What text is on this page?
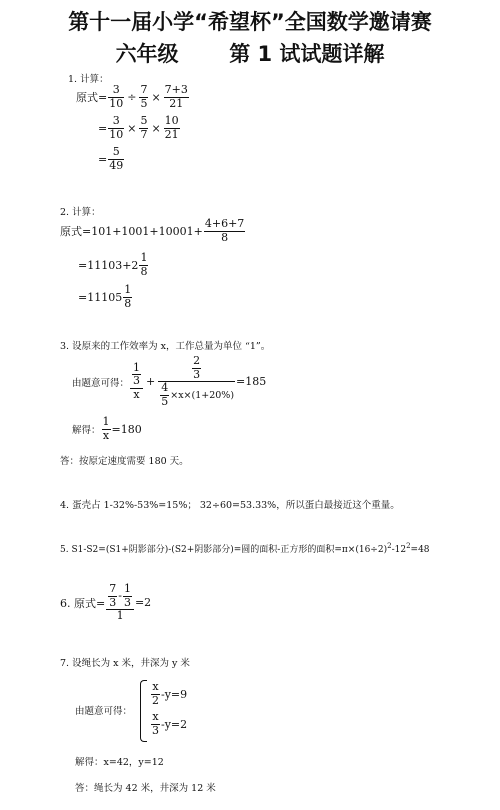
第十一届小学“希望杯”全国数学邀请赛
六年级 第 1 试试题详解
1. 计算：
原式= $\frac{3}{10} \div \frac{7}{5} \times \frac{7+3}{21}$
= $\frac{3}{10} \times \frac{5}{7} \times \frac{10}{21}$
= $\frac{5}{49}$
2. 计算：
原式$=101+1001+10001+ \frac{4+6+7}{8}$
$=11103+2 \frac{1}{8}$
$=11105 \frac{1}{8}$
3. 设原来的工作效率为 x，工作总量为单位 “1”。
由题意可得： $\frac{\frac{1}{3}}{x} + \frac{\frac{2}{3}}{\frac{4}{5} \times x\times(1+20\%)} =185$
解得： $\frac{1}{x} =180$
答：按原定速度需要 180 天。
4. 蛋壳占 1-32%-53%=15%； 32÷60=53.33%，所以蛋白最接近这个重量。
5. S1-S2=(S1+阴影部分)-(S2+阴影部分)=圆的面积-正方形的面积$=\pi\times(16\div 2)^2-12^2=48$
6. 原式= $\frac{\frac{7}{3} - \frac{1}{3}}{1} =2$
7. 设绳长为 x 米，井深为 y 米
由题意可得：
$\frac{x}{2} -y=9$
$\frac{x}{3} -y=2$
解得：x=42，y=12
答：绳长为 42 米，井深为 12 米
